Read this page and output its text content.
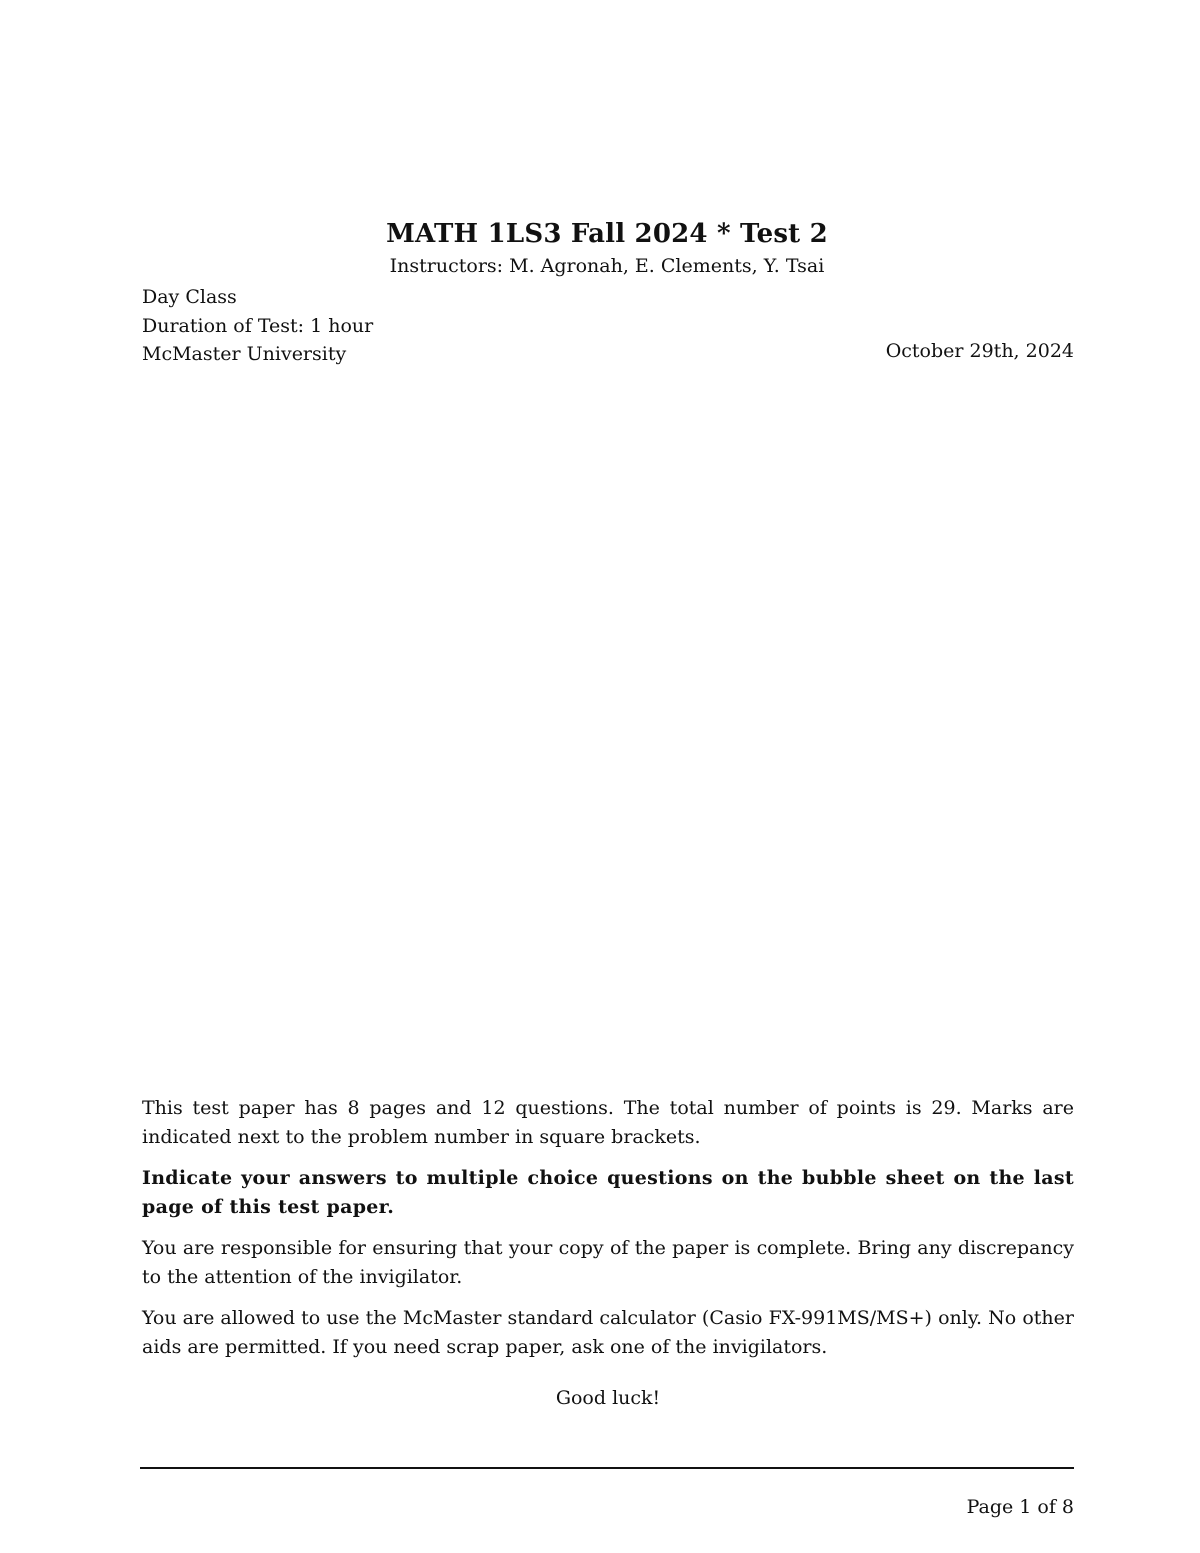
MATH 1LS3 Fall 2024 * Test 2
Instructors: M. Agronah, E. Clements, Y. Tsai
Day Class
Duration of Test: 1 hour
McMaster University	October 29th, 2024

This test paper has 8 pages and 12 questions. The total number of points is 29. Marks are indicated next to the problem number in square brackets.

Indicate your answers to multiple choice questions on the bubble sheet on the last page of this test paper.

You are responsible for ensuring that your copy of the paper is complete. Bring any discrepancy to the attention of the invigilator.

You are allowed to use the McMaster standard calculator (Casio FX-991MS/MS+) only. No other aids are permitted. If you need scrap paper, ask one of the invigilators.

Good luck!
Page 1 of 8
